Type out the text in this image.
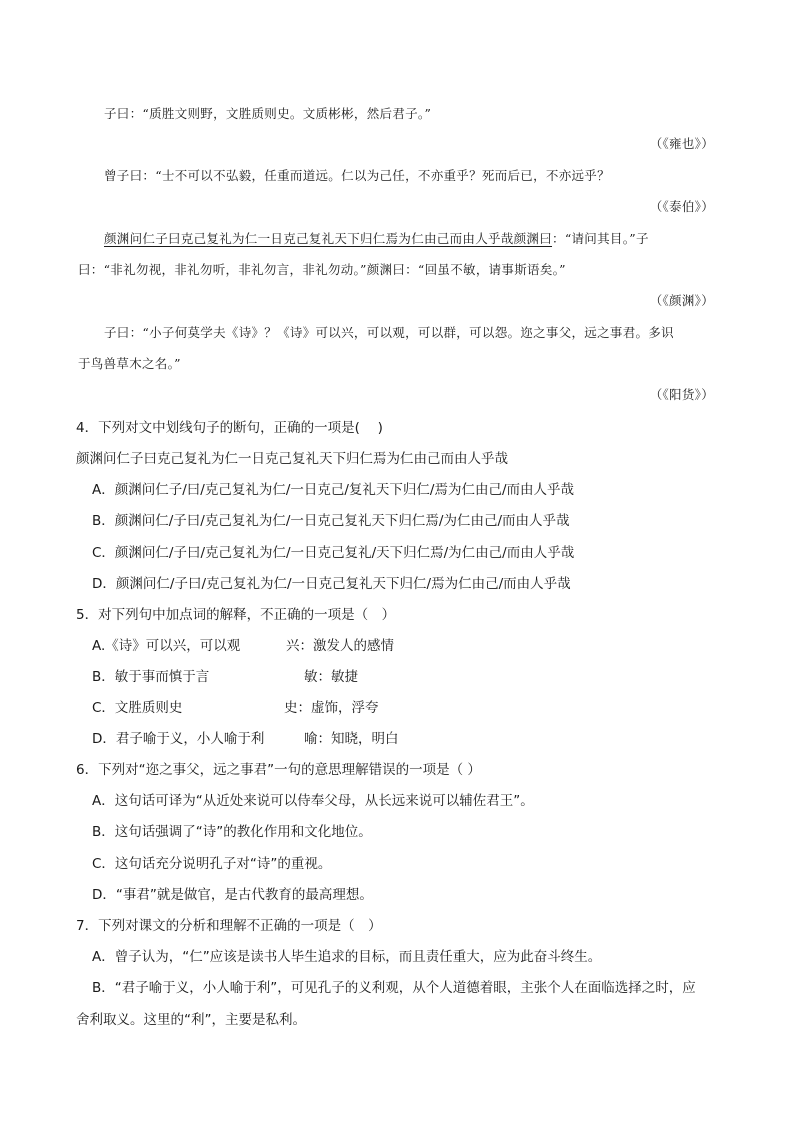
子曰：“质胜文则野，文胜质则史。文质彬彬，然后君子。”
（《雍也》）
曾子曰：“士不可以不弘毅，任重而道远。仁以为己任，不亦重乎？死而后已，不亦远乎？
（《泰伯》）
颜渊问仁子曰克己复礼为仁一日克己复礼天下归仁焉为仁由己而由人乎哉颜渊曰：“请问其目。”子
曰：“非礼勿视，非礼勿听，非礼勿言，非礼勿动。”颜渊曰：“回虽不敏，请事斯语矣。”
（《颜渊》）
子曰：“小子何莫学夫《诗》？《诗》可以兴，可以观，可以群，可以怨。迩之事父，远之事君。多识
于鸟兽草木之名。”
（《阳货》）
4．下列对文中划线句子的断句，正确的一项是(　 )
颜渊问仁子曰克己复礼为仁一日克己复礼天下归仁焉为仁由己而由人乎哉
A．颜渊问仁子/曰/克己复礼为仁/一日克己/复礼天下归仁/焉为仁由己/而由人乎哉
B．颜渊问仁/子曰/克己复礼为仁/一日克己复礼天下归仁焉/为仁由己/而由人乎哉
C．颜渊问仁/子曰/克己复礼为仁/一日克己复礼/天下归仁焉/为仁由己/而由人乎哉
D．颜渊问仁/子曰/克己复礼为仁/一日克己复礼天下归仁/焉为仁由己/而由人乎哉
5．对下列句中加点词的解释，不正确的一项是（　）
A.《诗》可以兴，可以观	兴：激发人的感情
B．敏于事而慎于言	敏：敏捷
C．文胜质则史	史：虚饰，浮夸
D．君子喻于义，小人喻于利	喻：知晓，明白
6．下列对“迩之事父，远之事君”一句的意思理解错误的一项是（ ）
A．这句话可译为“从近处来说可以侍奉父母，从长远来说可以辅佐君王”。
B．这句话强调了“诗”的教化作用和文化地位。
C．这句话充分说明孔子对“诗”的重视。
D．“事君”就是做官，是古代教育的最高理想。
7．下列对课文的分析和理解不正确的一项是（　）
A．曾子认为，“仁”应该是读书人毕生追求的目标，而且责任重大，应为此奋斗终生。
B．“君子喻于义，小人喻于利”，可见孔子的义利观，从个人道德着眼，主张个人在面临选择之时，应
舍利取义。这里的“利”，主要是私利。
